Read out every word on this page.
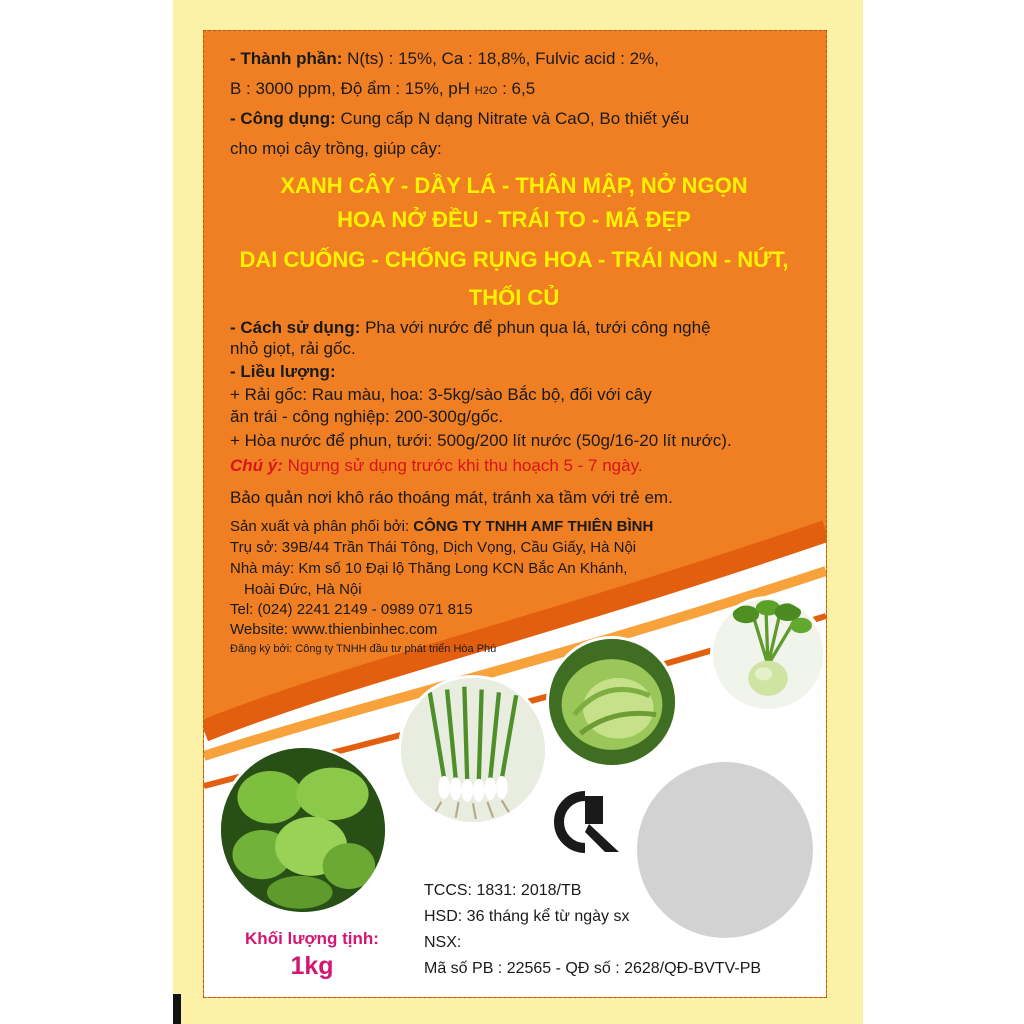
- Thành phần: N(ts) : 15%, Ca : 18,8%, Fulvic acid : 2%,
B : 3000 ppm, Độ ẩm : 15%, pH H2O : 6,5
- Công dụng: Cung cấp N dạng Nitrate và CaO, Bo thiết yếu
cho mọi cây trồng, giúp cây:
XANH CÂY - DẦY LÁ - THÂN MẬP, NỞ NGỌN
HOA NỞ ĐỀU - TRÁI TO - MÃ ĐẸP
DAI CUỐNG - CHỐNG RỤNG HOA - TRÁI NON - NỨT,
THỐI CỦ
- Cách sử dụng: Pha với nước để phun qua lá, tưới công nghệ
nhỏ giọt, rải gốc.
- Liều lượng:
+ Rải gốc: Rau màu, hoa: 3-5kg/sào Bắc bộ, đối với cây
ăn trái - công nghiệp: 200-300g/gốc.
+ Hòa nước để phun, tưới: 500g/200 lít nước (50g/16-20 lít nước).
Chú ý: Ngưng sử dụng trước khi thu hoạch 5 - 7 ngày.
Bảo quản nơi khô ráo thoáng mát, tránh xa tầm với trẻ em.
Sản xuất và phân phối bởi: CÔNG TY TNHH AMF THIÊN BÌNH
Trụ sở: 39B/44 Trần Thái Tông, Dịch Vọng, Cầu Giấy, Hà Nội
Nhà máy: Km số 10 Đại lộ Thăng Long KCN Bắc An Khánh,
Hoài Đức, Hà Nội
Tel: (024) 2241 2149 - 0989 071 815
Website: www.thienbinhec.com
Đăng ký bởi: Công ty TNHH đầu tư phát triển Hòa Phú
TCCS: 1831: 2018/TB
HSD: 36 tháng kể từ ngày sx
NSX:
Mã số PB : 22565 - QĐ số : 2628/QĐ-BVTV-PB
Khối lượng tịnh:
1kg
